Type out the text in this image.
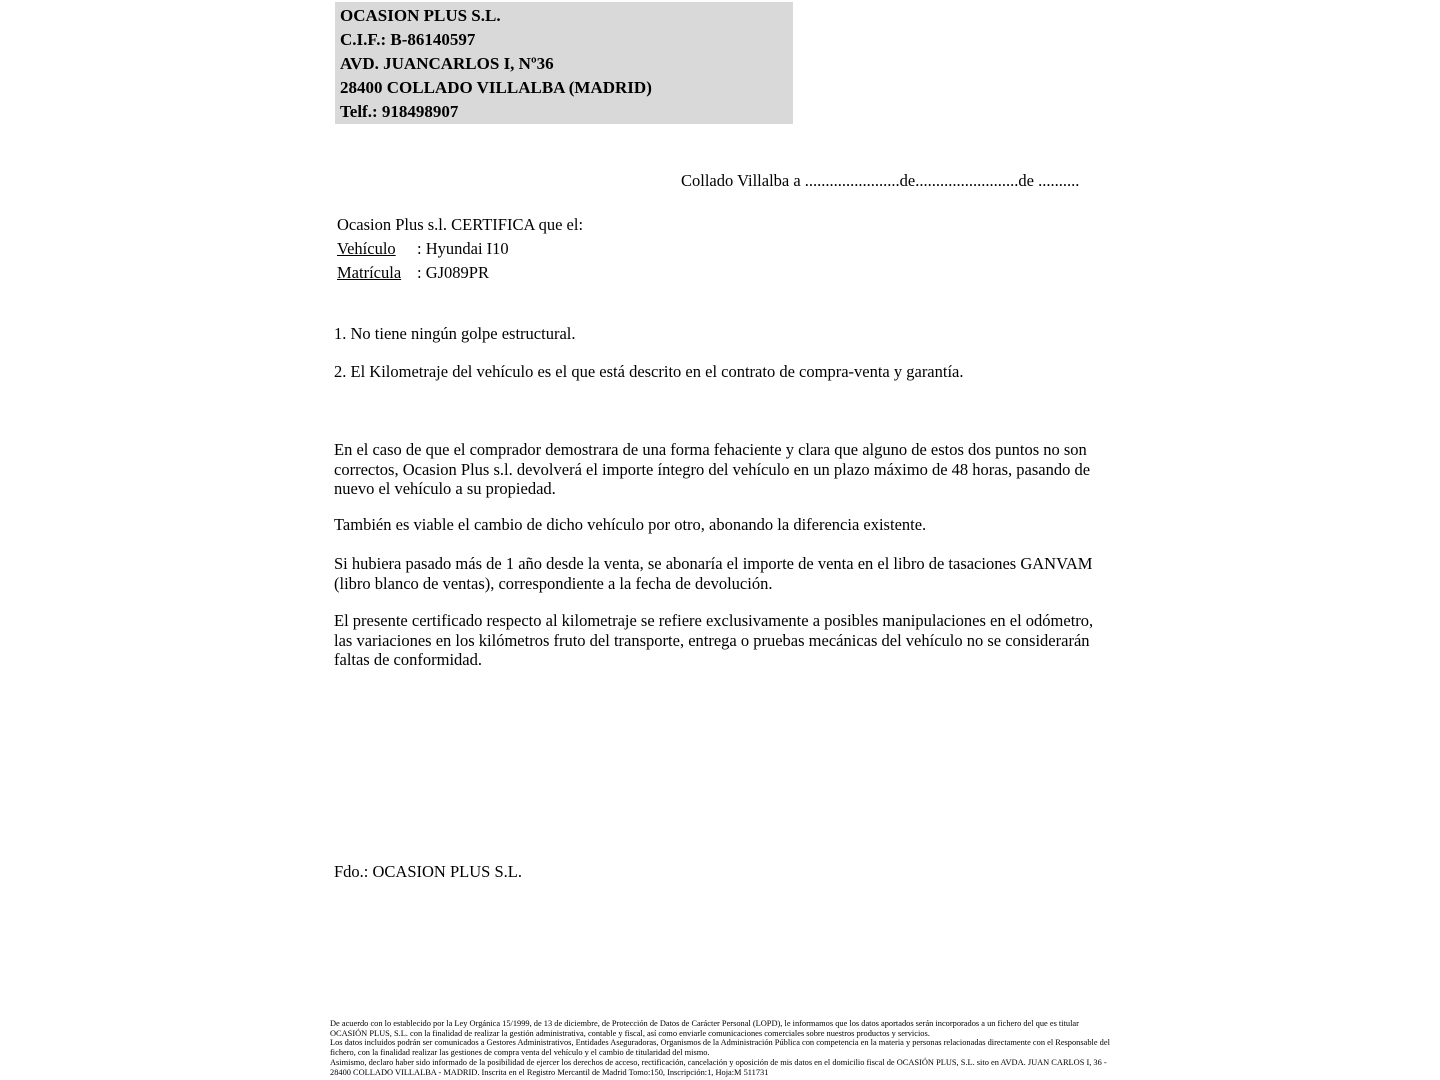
OCASION PLUS S.L.
C.I.F.: B-86140597
AVD. JUANCARLOS I, Nº36
28400 COLLADO VILLALBA (MADRID)
Telf.: 918498907
Collado Villalba a .......................de.........................de ..........
Ocasion Plus s.l. CERTIFICA que el:
Vehículo : Hyundai I10
Matrícula : GJ089PR
1. No tiene ningún golpe estructural.
2. El Kilometraje del vehículo es el que está descrito en el contrato de compra-venta y garantía.
En el caso de que el comprador demostrara de una forma fehaciente y clara que alguno de estos dos puntos no son correctos, Ocasion Plus s.l. devolverá el importe íntegro del vehículo en un plazo máximo de 48 horas, pasando de nuevo el vehículo a su propiedad.
También es viable el cambio de dicho vehículo por otro, abonando la diferencia existente.
Si hubiera pasado más de 1 año desde la venta, se abonaría el importe de venta en el libro de tasaciones GANVAM (libro blanco de ventas), correspondiente a la fecha de devolución.
El presente certificado respecto al kilometraje se refiere exclusivamente a posibles manipulaciones en el odómetro, las variaciones en los kilómetros fruto del transporte, entrega o pruebas mecánicas del vehículo no se considerarán faltas de conformidad.
Fdo.: OCASION PLUS S.L.

De acuerdo con lo establecido por la Ley Orgánica 15/1999, de 13 de diciembre, de Protección de Datos de Carácter Personal (LOPD), le informamos que los datos aportados serán incorporados a un fichero del que es titular OCASIÓN PLUS, S.L. con la finalidad de realizar la gestión administrativa, contable y fiscal, así como enviarle comunicaciones comerciales sobre nuestros productos y servicios.

Los datos incluidos podrán ser comunicados a Gestores Administrativos, Entidades Aseguradoras, Organismos de la Administración Pública con competencia en la materia y personas relacionadas directamente con el Responsable del fichero, con la finalidad realizar las gestiones de compra venta del vehículo y el cambio de titularidad del mismo.

Asimismo, declaro haber sido informado de la posibilidad de ejercer los derechos de acceso, rectificación, cancelación y oposición de mis datos en el domicilio fiscal de OCASIÓN PLUS, S.L. sito en AVDA. JUAN CARLOS I, 36 - 28400 COLLADO VILLALBA - MADRID. Inscrita en el Registro Mercantil de Madrid Tomo:150, Inscripción:1, Hoja:M 511731
